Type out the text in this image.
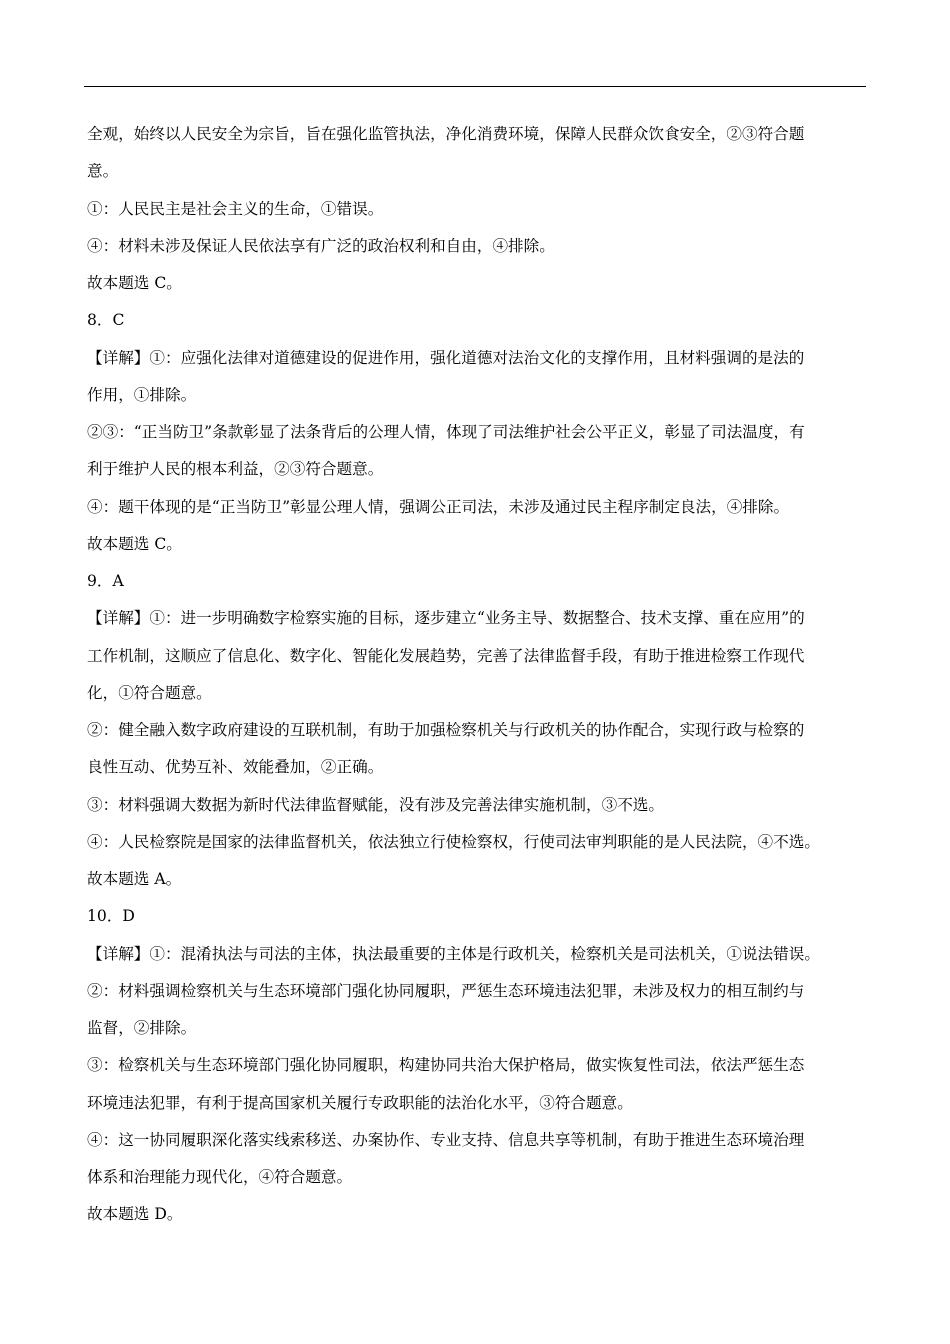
全观，始终以人民安全为宗旨，旨在强化监管执法，净化消费环境，保障人民群众饮食安全，②③符合题
意。
①：人民民主是社会主义的生命，①错误。
④：材料未涉及保证人民依法享有广泛的政治权利和自由，④排除。
故本题选 C。
8．C
【详解】①：应强化法律对道德建设的促进作用，强化道德对法治文化的支撑作用，且材料强调的是法的
作用，①排除。
②③：“正当防卫”条款彰显了法条背后的公理人情，体现了司法维护社会公平正义，彰显了司法温度，有
利于维护人民的根本利益，②③符合题意。
④：题干体现的是“正当防卫”彰显公理人情，强调公正司法，未涉及通过民主程序制定良法，④排除。
故本题选 C。
9．A
【详解】①：进一步明确数字检察实施的目标，逐步建立“业务主导、数据整合、技术支撑、重在应用”的
工作机制，这顺应了信息化、数字化、智能化发展趋势，完善了法律监督手段，有助于推进检察工作现代
化，①符合题意。
②：健全融入数字政府建设的互联机制，有助于加强检察机关与行政机关的协作配合，实现行政与检察的
良性互动、优势互补、效能叠加，②正确。
③：材料强调大数据为新时代法律监督赋能，没有涉及完善法律实施机制，③不选。
④：人民检察院是国家的法律监督机关，依法独立行使检察权，行使司法审判职能的是人民法院，④不选。
故本题选 A。
10．D
【详解】①：混淆执法与司法的主体，执法最重要的主体是行政机关，检察机关是司法机关，①说法错误。
②：材料强调检察机关与生态环境部门强化协同履职，严惩生态环境违法犯罪，未涉及权力的相互制约与
监督，②排除。
③：检察机关与生态环境部门强化协同履职，构建协同共治大保护格局，做实恢复性司法，依法严惩生态
环境违法犯罪，有利于提高国家机关履行专政职能的法治化水平，③符合题意。
④：这一协同履职深化落实线索移送、办案协作、专业支持、信息共享等机制，有助于推进生态环境治理
体系和治理能力现代化，④符合题意。
故本题选 D。
